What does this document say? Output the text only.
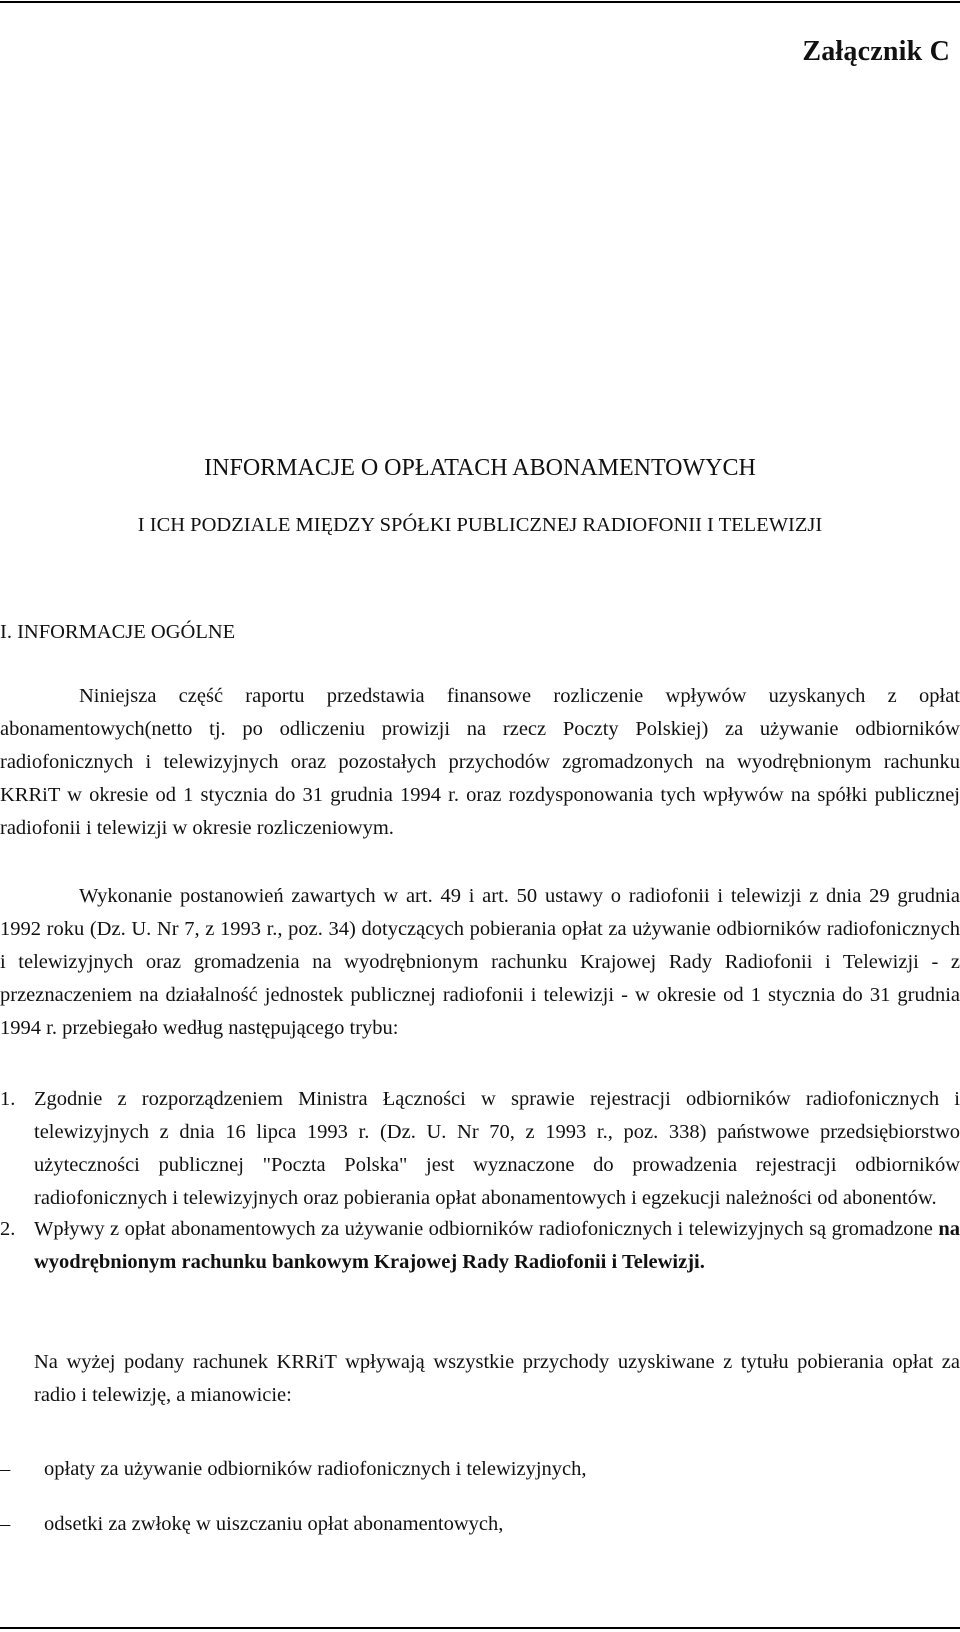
Załącznik C
INFORMACJE O OPŁATACH ABONAMENTOWYCH
I ICH PODZIALE MIĘDZY SPÓŁKI PUBLICZNEJ RADIOFONII I TELEWIZJI
I. INFORMACJE OGÓLNE
Niniejsza część raportu przedstawia finansowe rozliczenie wpływów uzyskanych z opłat abonamentowych(netto tj. po odliczeniu prowizji na rzecz Poczty Polskiej) za używanie odbiorników radiofonicznych i telewizyjnych oraz pozostałych przychodów zgromadzonych na wyodrębnionym rachunku KRRiT w okresie od 1 stycznia do 31 grudnia 1994 r. oraz rozdysponowania tych wpływów na spółki publicznej radiofonii i telewizji w okresie rozliczeniowym.
Wykonanie postanowień zawartych w art. 49 i art. 50 ustawy o radiofonii i telewizji z dnia 29 grudnia 1992 roku (Dz. U. Nr 7, z 1993 r., poz. 34) dotyczących pobierania opłat za używanie odbiorników radiofonicznych i telewizyjnych oraz gromadzenia na wyodrębnionym rachunku Krajowej Rady Radiofonii i Telewizji - z przeznaczeniem na działalność jednostek publicznej radiofonii i telewizji - w okresie od 1 stycznia do 31 grudnia 1994 r. przebiegało według następującego trybu:
1. Zgodnie z rozporządzeniem Ministra Łączności w sprawie rejestracji odbiorników radiofonicznych i telewizyjnych z dnia 16 lipca 1993 r. (Dz. U. Nr 70, z 1993 r., poz. 338) państwowe przedsiębiorstwo użyteczności publicznej "Poczta Polska" jest wyznaczone do prowadzenia rejestracji odbiorników radiofonicznych i telewizyjnych oraz pobierania opłat abonamentowych i egzekucji należności od abonentów.
2. Wpływy z opłat abonamentowych za używanie odbiorników radiofonicznych i telewizyjnych są gromadzone na wyodrębnionym rachunku bankowym Krajowej Rady Radiofonii i Telewizji.
Na wyżej podany rachunek KRRiT wpływają wszystkie przychody uzyskiwane z tytułu pobierania opłat za radio i telewizję, a mianowicie:
– opłaty za używanie odbiorników radiofonicznych i telewizyjnych,
– odsetki za zwłokę w uiszczaniu opłat abonamentowych,
